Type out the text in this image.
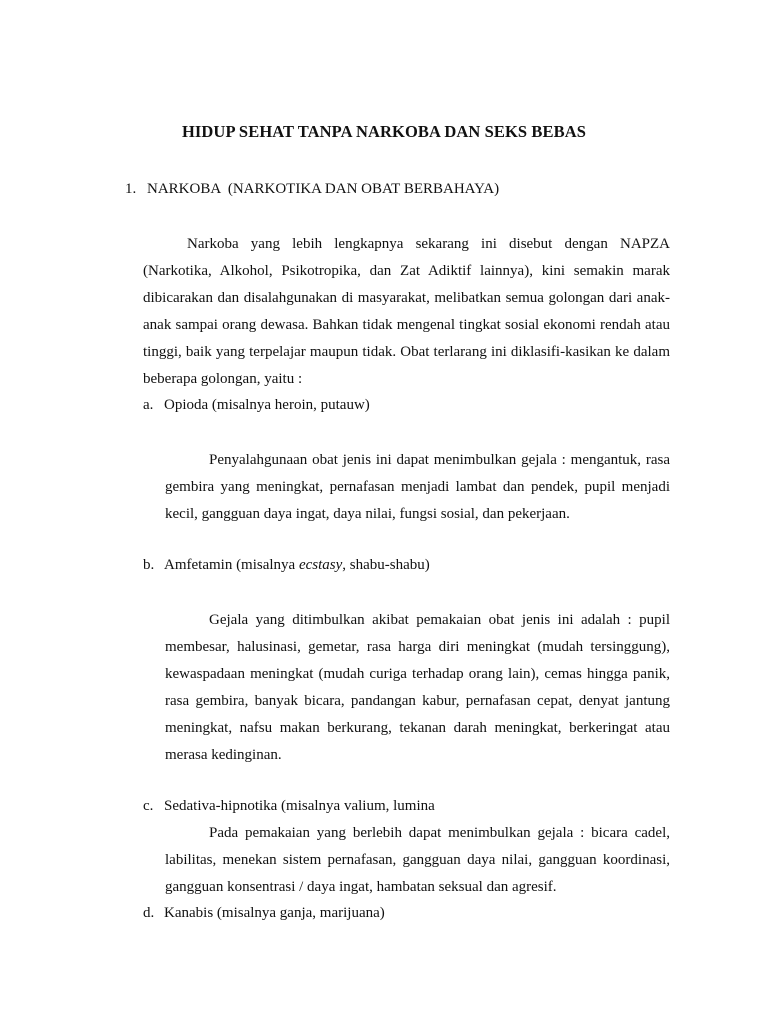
HIDUP SEHAT TANPA NARKOBA DAN SEKS BEBAS
1. NARKOBA  (NARKOTIKA DAN OBAT BERBAHAYA)

Narkoba yang lebih lengkapnya sekarang ini disebut dengan NAPZA (Narkotika, Alkohol, Psikotropika, dan Zat Adiktif lainnya), kini semakin marak dibicarakan dan disalahgunakan di masyarakat, melibatkan semua golongan dari anak-anak sampai orang dewasa. Bahkan tidak mengenal tingkat sosial ekonomi rendah atau tinggi, baik yang terpelajar maupun tidak. Obat terlarang ini diklasifi-kasikan ke dalam beberapa golongan, yaitu :

a. Opioda (misalnya heroin, putauw)

Penyalahgunaan obat jenis ini dapat menimbulkan gejala : mengantuk, rasa gembira yang meningkat, pernafasan menjadi lambat dan pendek, pupil menjadi kecil, gangguan daya ingat, daya nilai, fungsi sosial, dan pekerjaan.

b. Amfetamin (misalnya ecstasy, shabu-shabu)

Gejala yang ditimbulkan akibat pemakaian obat jenis ini adalah : pupil membesar, halusinasi, gemetar, rasa harga diri meningkat (mudah tersinggung), kewaspadaan meningkat (mudah curiga terhadap orang lain), cemas hingga panik, rasa gembira, banyak bicara, pandangan kabur, pernafasan cepat, denyat jantung meningkat, nafsu makan berkurang, tekanan darah meningkat, berkeringat atau merasa kedinginan.

c. Sedativa-hipnotika (misalnya valium, lumina

Pada pemakaian yang berlebih dapat menimbulkan gejala : bicara cadel, labilitas, menekan sistem pernafasan, gangguan daya nilai, gangguan koordinasi, gangguan konsentrasi / daya ingat, hambatan seksual dan agresif.

d. Kanabis (misalnya ganja, marijuana)
